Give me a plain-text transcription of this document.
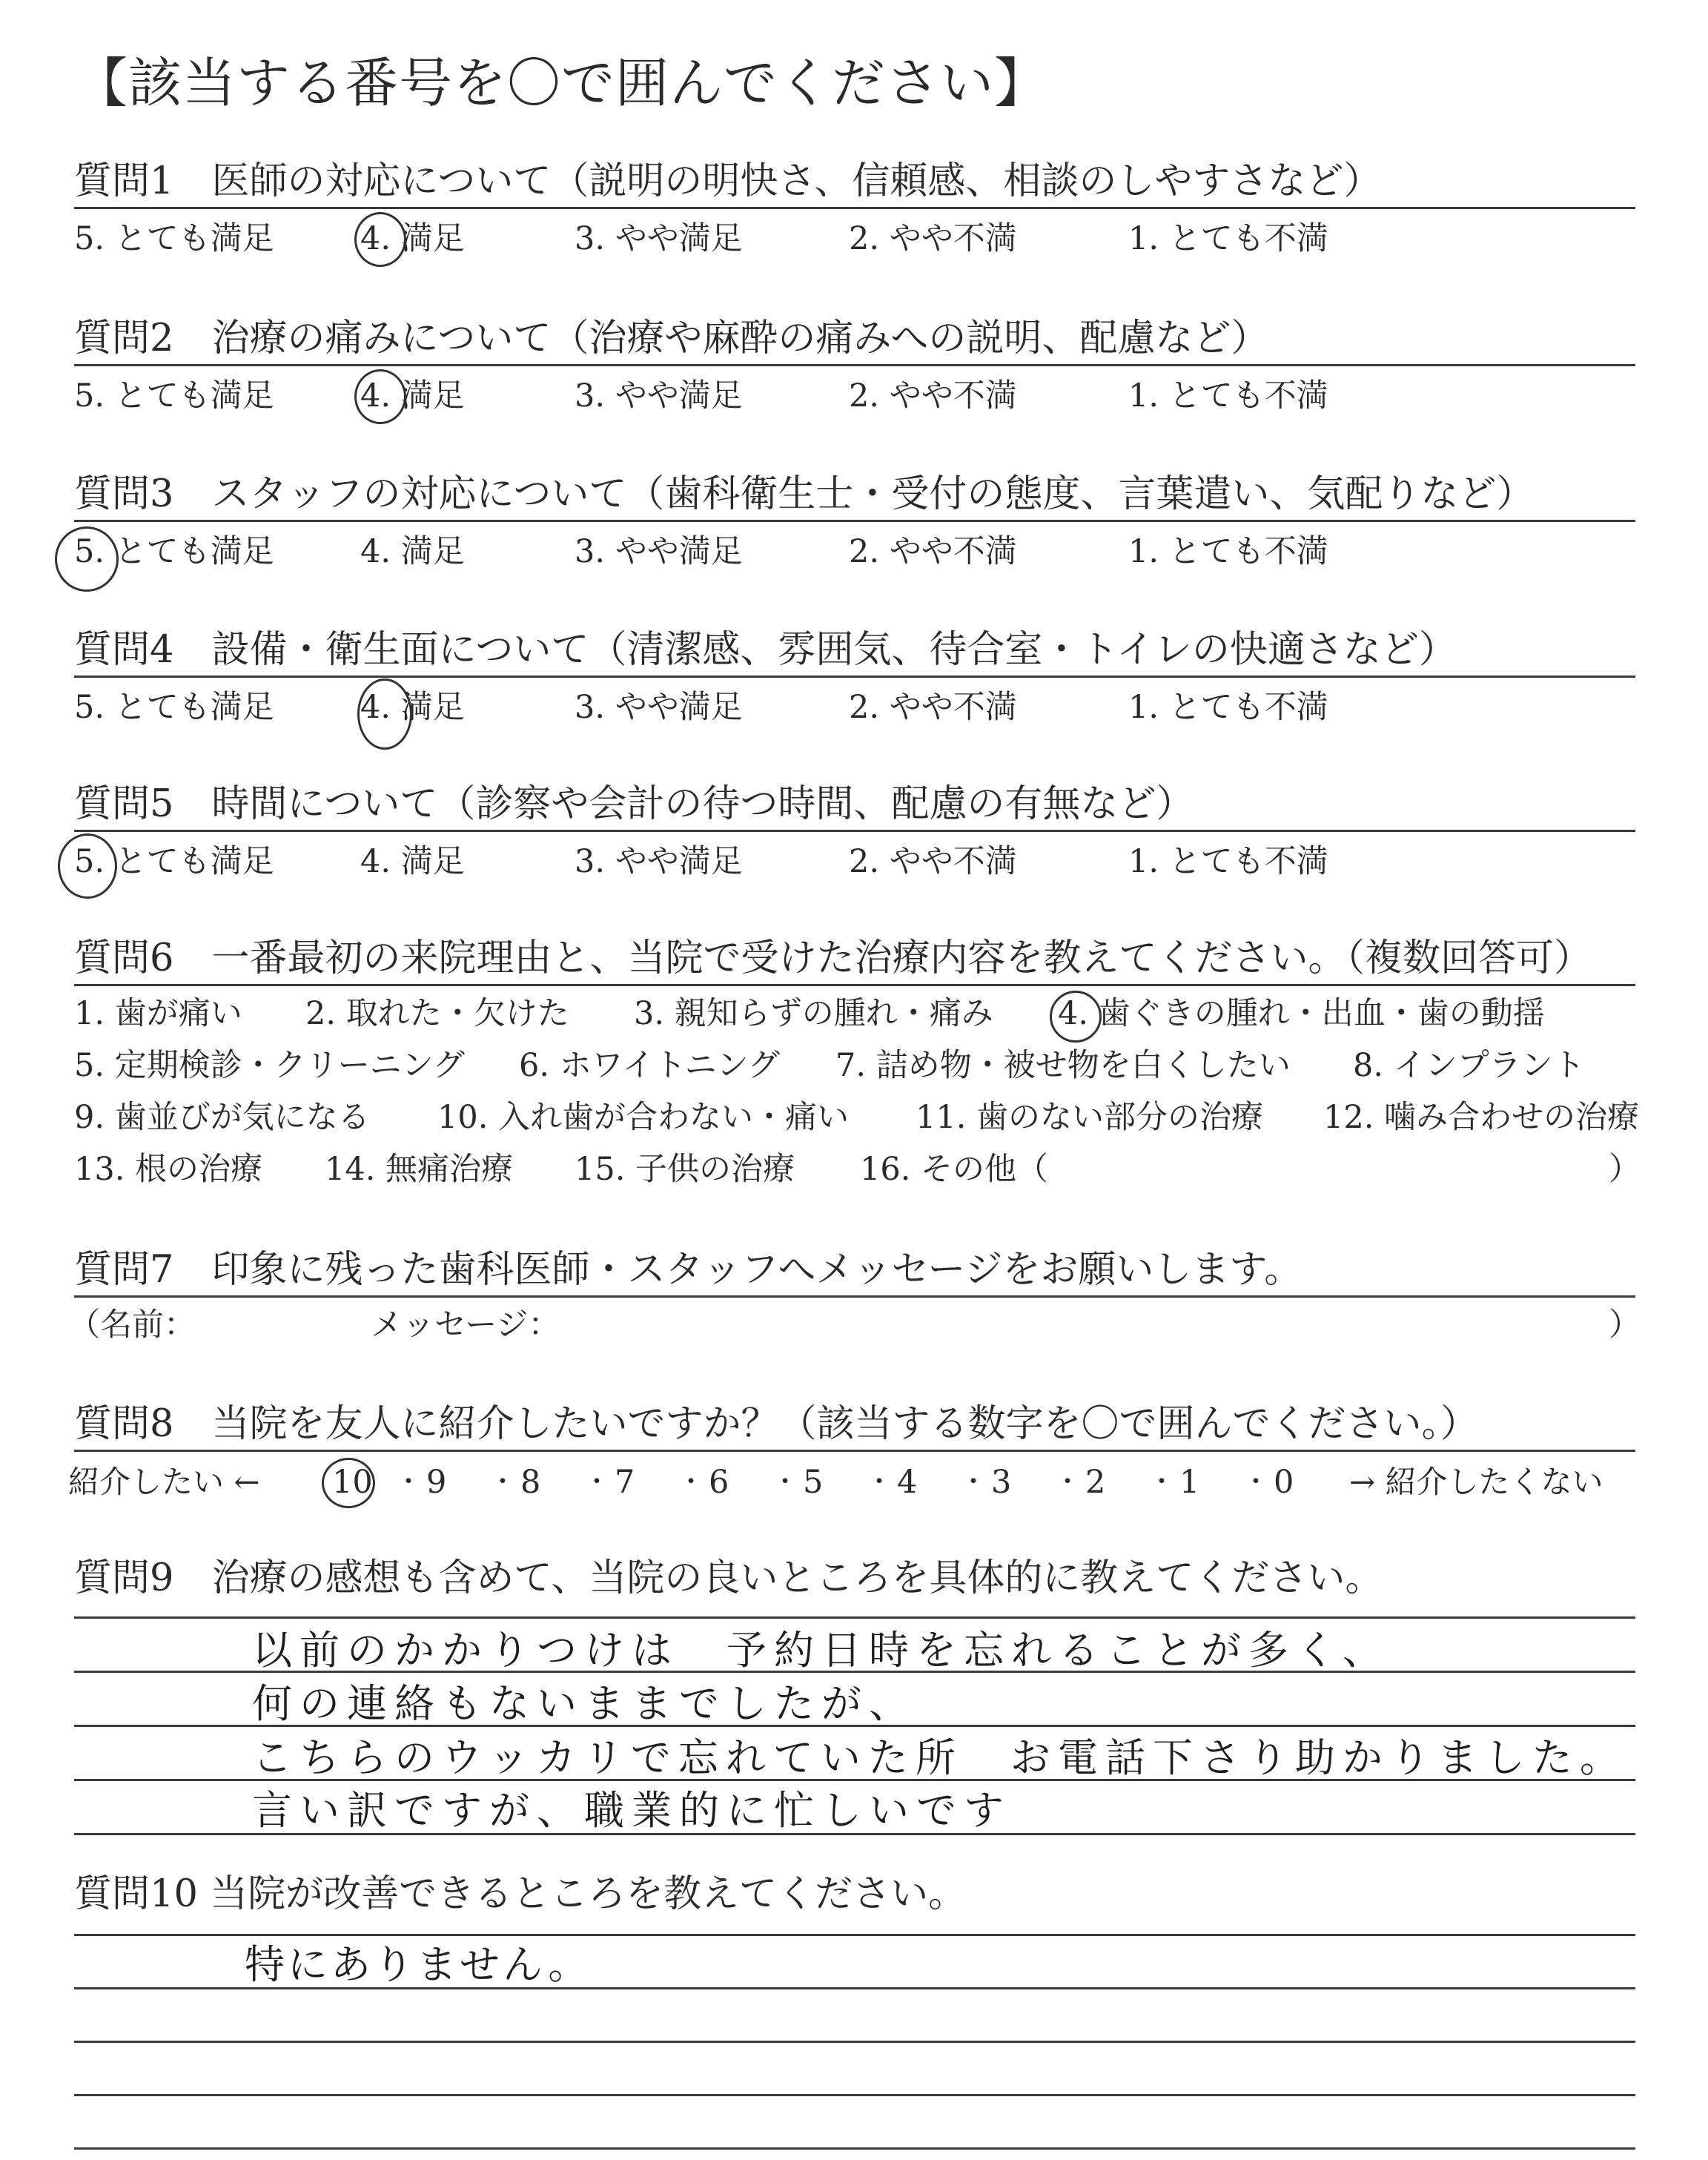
【該当する番号を〇で囲んでください】
質問1　医師の対応について（説明の明快さ、信頼感、相談のしやすさなど）
5. とても満足	4. 満足	3. やや満足	2. やや不満	1. とても不満
質問2　治療の痛みについて（治療や麻酔の痛みへの説明、配慮など）
5. とても満足	4. 満足	3. やや満足	2. やや不満	1. とても不満
質問3　スタッフの対応について（歯科衛生士・受付の態度、言葉遣い、気配りなど）
5. とても満足	4. 満足	3. やや満足	2. やや不満	1. とても不満
質問4　設備・衛生面について（清潔感、雰囲気、待合室・トイレの快適さなど）
5. とても満足	4. 満足	3. やや満足	2. やや不満	1. とても不満
質問5　時間について（診察や会計の待つ時間、配慮の有無など）
5. とても満足	4. 満足	3. やや満足	2. やや不満	1. とても不満
質問6　一番最初の来院理由と、当院で受けた治療内容を教えてください。（複数回答可）
1. 歯が痛い 2. 取れた・欠けた 3. 親知らずの腫れ・痛み 4. 歯ぐきの腫れ・出血・歯の動揺
5. 定期検診・クリーニング 6. ホワイトニング 7. 詰め物・被せ物を白くしたい 8. インプラント
9. 歯並びが気になる 10. 入れ歯が合わない・痛い 11. 歯のない部分の治療 12. 噛み合わせの治療
13. 根の治療 14. 無痛治療 15. 子供の治療 16. その他（	）
質問7　印象に残った歯科医師・スタッフへメッセージをお願いします。
（名前：	メッセージ：	）
質問8　当院を友人に紹介したいですか？（該当する数字を〇で囲んでください。）
紹介したい ←	→ 紹介したくない
10 ・ 9 ・ 8 ・ 7 ・ 6 ・ 5 ・ 4 ・ 3 ・ 2 ・ 1 ・ 0
質問9　治療の感想も含めて、当院の良いところを具体的に教えてください。
以前のかかりつけは　予約日時を忘れることが多く、
何の連絡もないままでしたが、
こちらのウッカリで忘れていた所　お電話下さり助かりました。
言い訳ですが、職業的に忙しいです
質問10 当院が改善できるところを教えてください。
特にありません。
